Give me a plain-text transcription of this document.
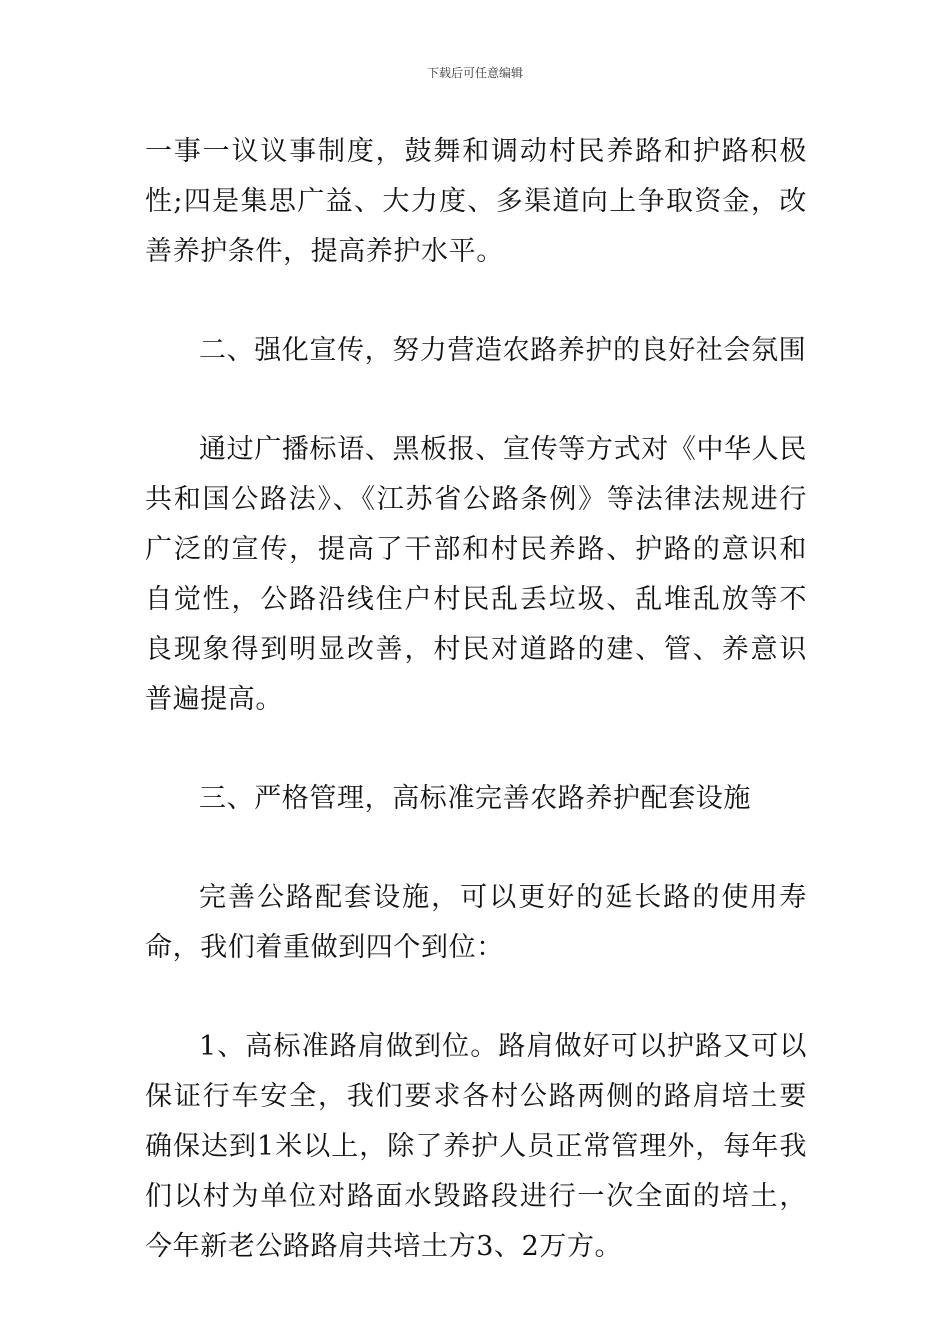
下载后可任意编辑

一事一议议事制度，鼓舞和调动村民养路和护路积极性;四是集思广益、大力度、多渠道向上争取资金，改善养护条件，提高养护水平。

二、强化宣传，努力营造农路养护的良好社会氛围

通过广播标语、黑板报、宣传等方式对《中华人民共和国公路法》、《江苏省公路条例》等法律法规进行广泛的宣传，提高了干部和村民养路、护路的意识和自觉性，公路沿线住户村民乱丢垃圾、乱堆乱放等不良现象得到明显改善，村民对道路的建、管、养意识普遍提高。

三、严格管理，高标准完善农路养护配套设施

完善公路配套设施，可以更好的延长路的使用寿命，我们着重做到四个到位：

1、高标准路肩做到位。路肩做好可以护路又可以保证行车安全，我们要求各村公路两侧的路肩培土要确保达到1米以上，除了养护人员正常管理外，每年我们以村为单位对路面水毁路段进行一次全面的培土，今年新老公路路肩共培土方3、2万方。
